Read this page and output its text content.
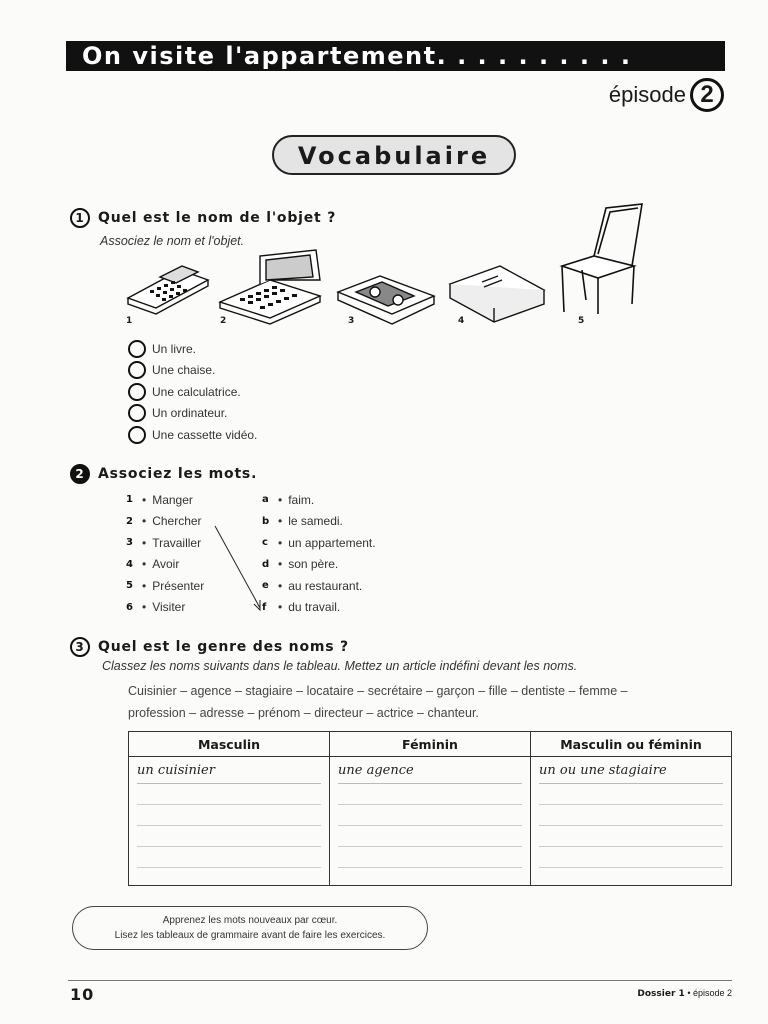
On visite l'appartement. . . . . . . . . .
épisode 2
Vocabulaire
1 Quel est le nom de l'objet ?
Associez le nom et l'objet.
1	2	3	4	5
Un livre.
Une chaise.
Une calculatrice.
Un ordinateur.
Une cassette vidéo.
2 Associez les mots.
1 • Manger
2 • Chercher
3 • Travailler
4 • Avoir
5 • Présenter
6 • Visiter
a • faim.
b • le samedi.
c • un appartement.
d • son père.
e • au restaurant.
f • du travail.
3 Quel est le genre des noms ?
Classez les noms suivants dans le tableau. Mettez un article indéfini devant les noms.
Cuisinier – agence – stagiaire – locataire – secrétaire – garçon – fille – dentiste – femme –
profession – adresse – prénom – directeur – actrice – chanteur.
Masculin	Féminin	Masculin ou féminin

un cuisinier	une agence	un ou une stagiaire
Apprenez les mots nouveaux par cœur.
Lisez les tableaux de grammaire avant de faire les exercices.
10	Dossier 1 • épisode 2
